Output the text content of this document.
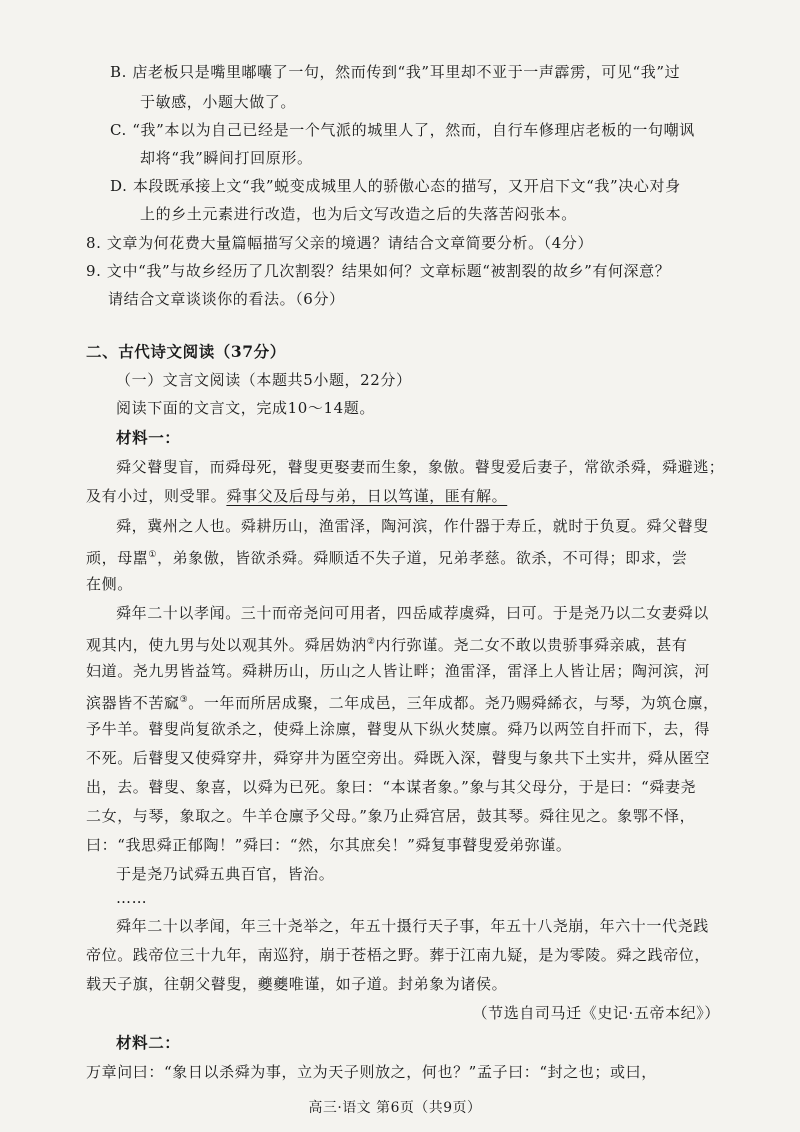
B. 店老板只是嘴里嘟囔了一句，然而传到“我”耳里却不亚于一声霹雳，可见“我”过
于敏感，小题大做了。
C. “我”本以为自己已经是一个气派的城里人了，然而，自行车修理店老板的一句嘲讽
却将“我”瞬间打回原形。
D. 本段既承接上文“我”蜕变成城里人的骄傲心态的描写，又开启下文“我”决心对身
上的乡土元素进行改造，也为后文写改造之后的失落苦闷张本。
8. 文章为何花费大量篇幅描写父亲的境遇？请结合文章简要分析。（4分）
9. 文中“我”与故乡经历了几次割裂？结果如何？文章标题“被割裂的故乡”有何深意？
请结合文章谈谈你的看法。（6分）
二、古代诗文阅读（37分）
（一）文言文阅读（本题共5小题，22分）
阅读下面的文言文，完成10～14题。
材料一：
舜父瞽叟盲，而舜母死，瞽叟更娶妻而生象，象傲。瞽叟爱后妻子，常欲杀舜，舜避逃；
及有小过，则受罪。舜事父及后母与弟，日以笃谨，匪有解。
舜，冀州之人也。舜耕历山，渔雷泽，陶河滨，作什器于寿丘，就时于负夏。舜父瞽叟
顽，母嚚①，弟象傲，皆欲杀舜。舜顺适不失子道，兄弟孝慈。欲杀，不可得；即求，尝
在侧。
舜年二十以孝闻。三十而帝尧问可用者，四岳咸荐虞舜，曰可。于是尧乃以二女妻舜以
观其内，使九男与处以观其外。舜居妫汭②内行弥谨。尧二女不敢以贵骄事舜亲戚，甚有
妇道。尧九男皆益笃。舜耕历山，历山之人皆让畔；渔雷泽，雷泽上人皆让居；陶河滨，河
滨器皆不苦窳③。一年而所居成聚，二年成邑，三年成都。尧乃赐舜絺衣，与琴，为筑仓廪，
予牛羊。瞽叟尚复欲杀之，使舜上涂廪，瞽叟从下纵火焚廪。舜乃以两笠自扞而下，去，得
不死。后瞽叟又使舜穿井，舜穿井为匿空旁出。舜既入深，瞽叟与象共下土实井，舜从匿空
出，去。瞽叟、象喜，以舜为已死。象曰：“本谋者象。”象与其父母分，于是曰：“舜妻尧
二女，与琴，象取之。牛羊仓廪予父母。”象乃止舜宫居，鼓其琴。舜往见之。象鄂不怿，
曰：“我思舜正郁陶！”舜曰：“然，尔其庶矣！”舜复事瞽叟爱弟弥谨。
于是尧乃试舜五典百官，皆治。
……
舜年二十以孝闻，年三十尧举之，年五十摄行天子事，年五十八尧崩，年六十一代尧践
帝位。践帝位三十九年，南巡狩，崩于苍梧之野。葬于江南九疑，是为零陵。舜之践帝位，
载天子旗，往朝父瞽叟，夔夔唯谨，如子道。封弟象为诸侯。
（节选自司马迁《史记·五帝本纪》）
材料二：
万章问曰：“象日以杀舜为事，立为天子则放之，何也？”孟子曰：“封之也；或曰，
高三·语文 第6页（共9页）
